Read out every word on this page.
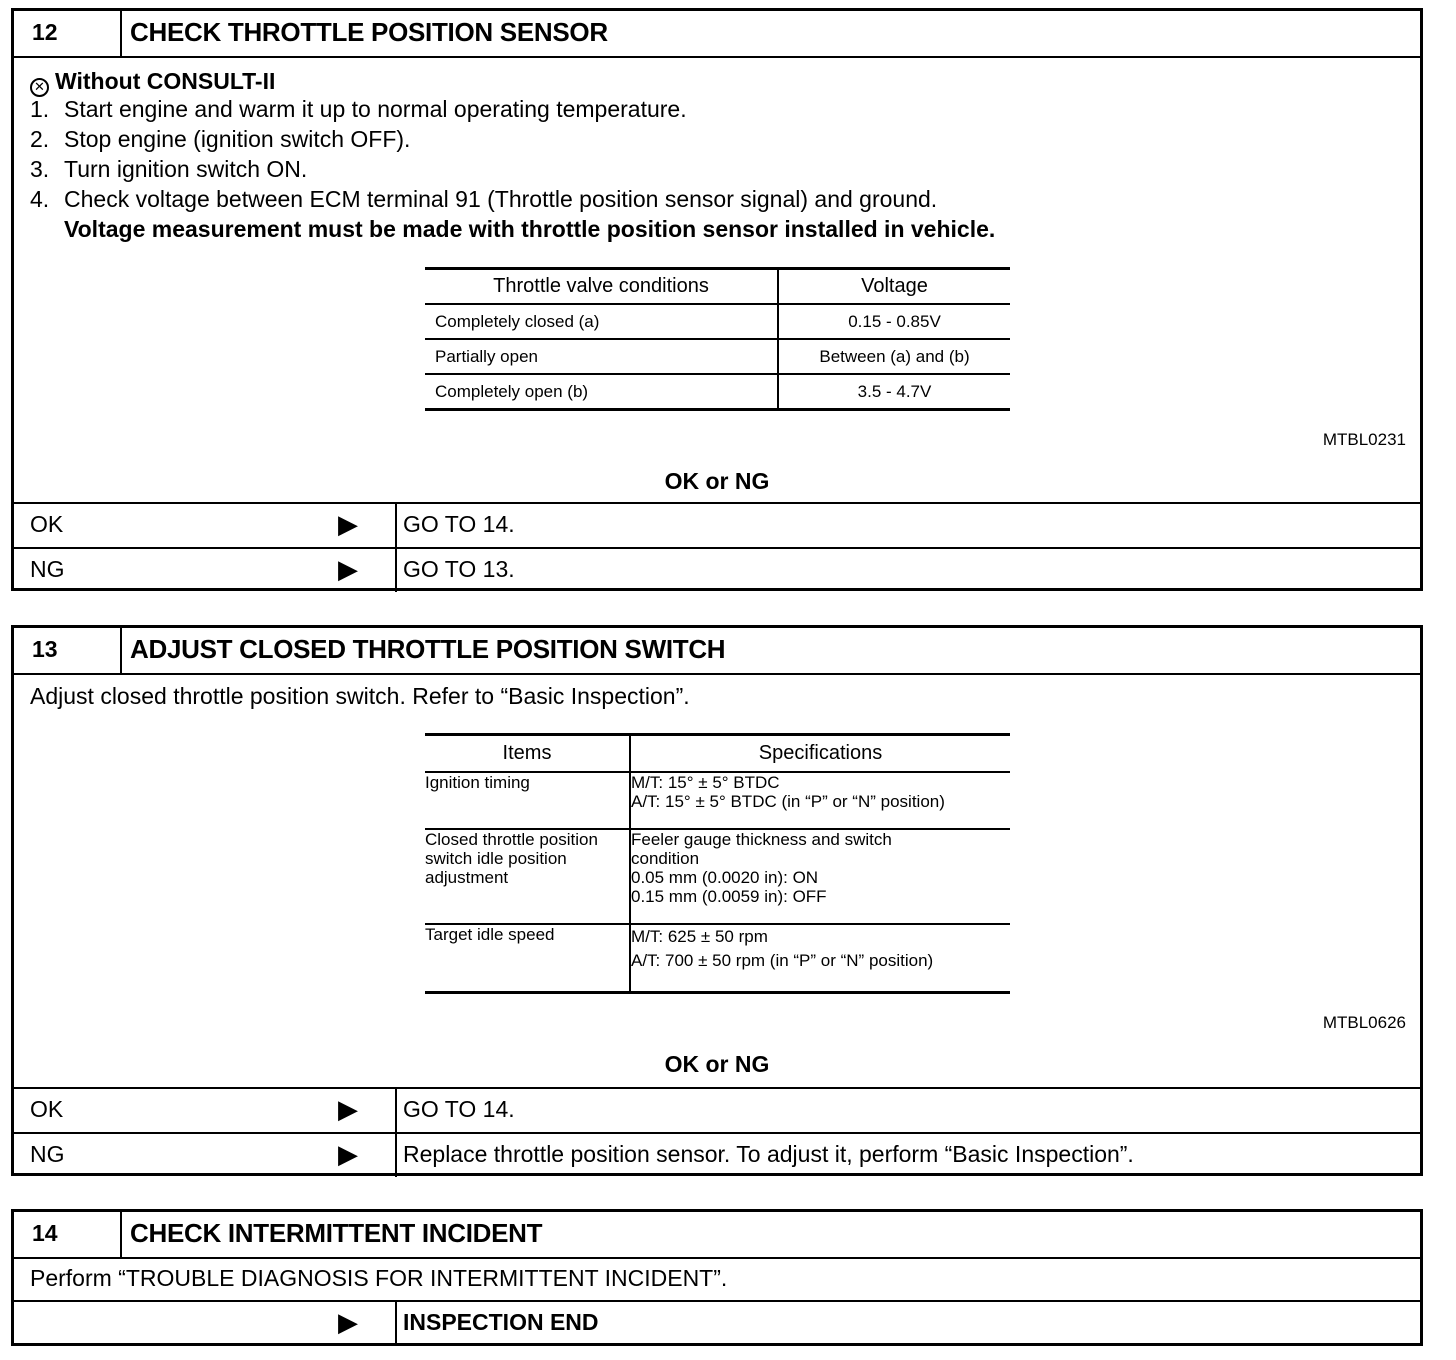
12	CHECK THROTTLE POSITION SENSOR
✕ Without CONSULT-II
1. Start engine and warm it up to normal operating temperature.
2. Stop engine (ignition switch OFF).
3. Turn ignition switch ON.
4. Check voltage between ECM terminal 91 (Throttle position sensor signal) and ground.
Voltage measurement must be made with throttle position sensor installed in vehicle.
Throttle valve conditions	Voltage
Completely closed (a)	0.15 - 0.85V
Partially open	Between (a) and (b)
Completely open (b)	3.5 - 4.7V
MTBL0231
OK or NG
OK	▶ GO TO 14.
NG	▶ GO TO 13.
13	ADJUST CLOSED THROTTLE POSITION SWITCH
Adjust closed throttle position switch. Refer to “Basic Inspection”.
Items	Specifications
Ignition timing	M/T: 15° ± 5° BTDC
A/T: 15° ± 5° BTDC (in “P” or “N” position)
Closed throttle position
switch idle position
adjustment	Feeler gauge thickness and switch
condition
0.05 mm (0.0020 in): ON
0.15 mm (0.0059 in): OFF
Target idle speed	M/T: 625 ± 50 rpm
A/T: 700 ± 50 rpm (in “P” or “N” position)
MTBL0626
OK or NG
OK	▶ GO TO 14.
NG	▶ Replace throttle position sensor. To adjust it, perform “Basic Inspection”.
14	CHECK INTERMITTENT INCIDENT
Perform “TROUBLE DIAGNOSIS FOR INTERMITTENT INCIDENT”.
▶ INSPECTION END
